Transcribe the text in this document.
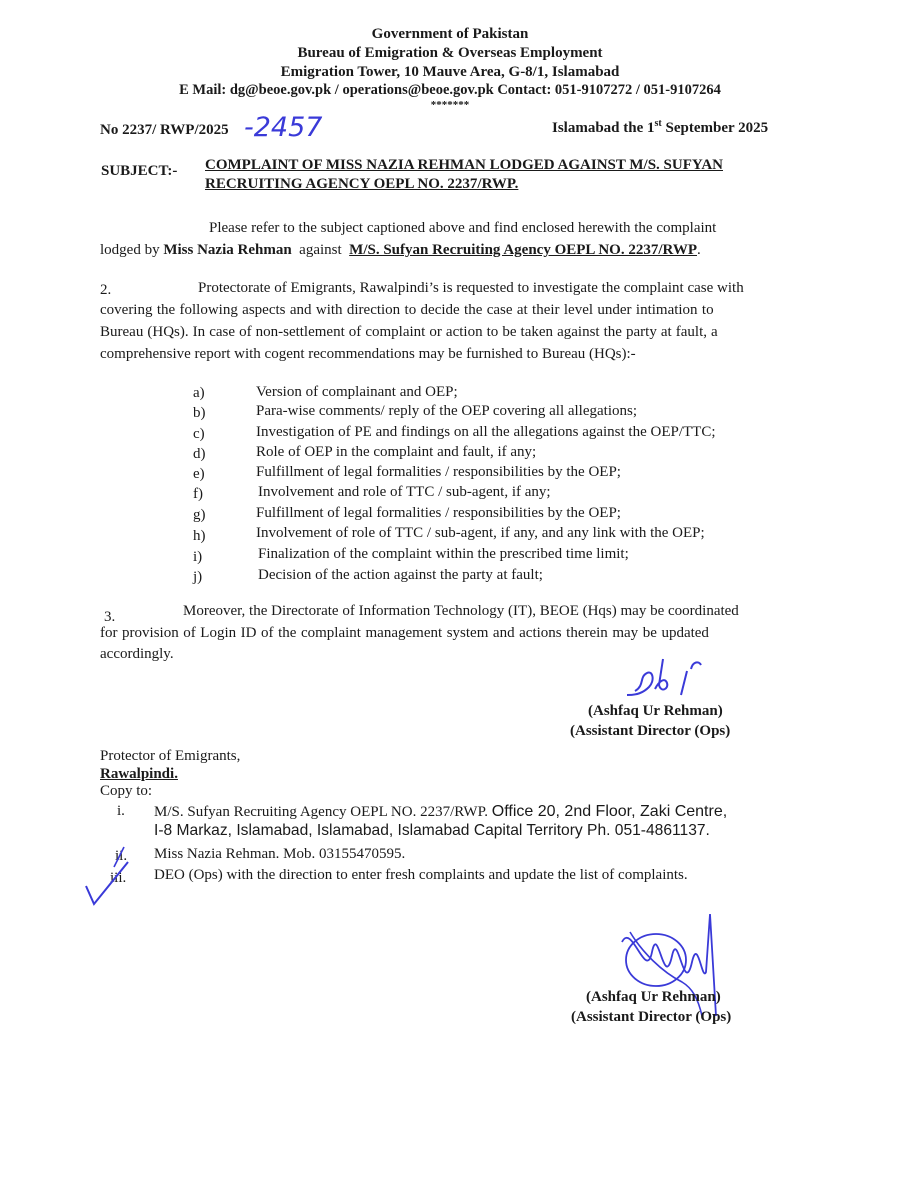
Government of Pakistan
Bureau of Emigration & Overseas Employment
Emigration Tower, 10 Mauve Area, G-8/1, Islamabad
E Mail: dg@beoe.gov.pk / operations@beoe.gov.pk Contact: 051-9107272 / 051-9107264
*******
No 2237/ RWP/2025 -2457	Islamabad the 1st September 2025
SUBJECT:- COMPLAINT OF MISS NAZIA REHMAN LODGED AGAINST M/S. SUFYAN
RECRUITING AGENCY OEPL NO. 2237/RWP.
Please refer to the subject captioned above and find enclosed herewith the complaint
lodged by Miss Nazia Rehman  against  M/S. Sufyan Recruiting Agency OEPL NO. 2237/RWP.
2.	Protectorate of Emigrants, Rawalpindi’s is requested to investigate the complaint case with
covering the following aspects and with direction to decide the case at their level under intimation to
Bureau (HQs). In case of non-settlement of complaint or action to be taken against the party at fault, a
comprehensive report with cogent recommendations may be furnished to Bureau (HQs):-
a)	Version of complainant and OEP;
b)	Para-wise comments/ reply of the OEP covering all allegations;
c)	Investigation of PE and findings on all the allegations against the OEP/TTC;
d)	Role of OEP in the complaint and fault, if any;
e)	Fulfillment of legal formalities / responsibilities by the OEP;
f)	Involvement and role of TTC / sub-agent, if any;
g)	Fulfillment of legal formalities / responsibilities by the OEP;
h)	Involvement of role of TTC / sub-agent, if any, and any link with the OEP;
i)	Finalization of the complaint within the prescribed time limit;
j)	Decision of the action against the party at fault;
3.	Moreover, the Directorate of Information Technology (IT), BEOE (Hqs) may be coordinated
for provision of Login ID of the complaint management system and actions therein may be updated
accordingly.
(Ashfaq Ur Rehman)
(Assistant Director (Ops)
Protector of Emigrants,
Rawalpindi.
Copy to:
i. M/S. Sufyan Recruiting Agency OEPL NO. 2237/RWP. Office 20, 2nd Floor, Zaki Centre,
I-8 Markaz, Islamabad, Islamabad, Islamabad Capital Territory Ph. 051-4861137.
ii. Miss Nazia Rehman. Mob. 03155470595.
iii. DEO (Ops) with the direction to enter fresh complaints and update the list of complaints.
(Ashfaq Ur Rehman)
(Assistant Director (Ops)
